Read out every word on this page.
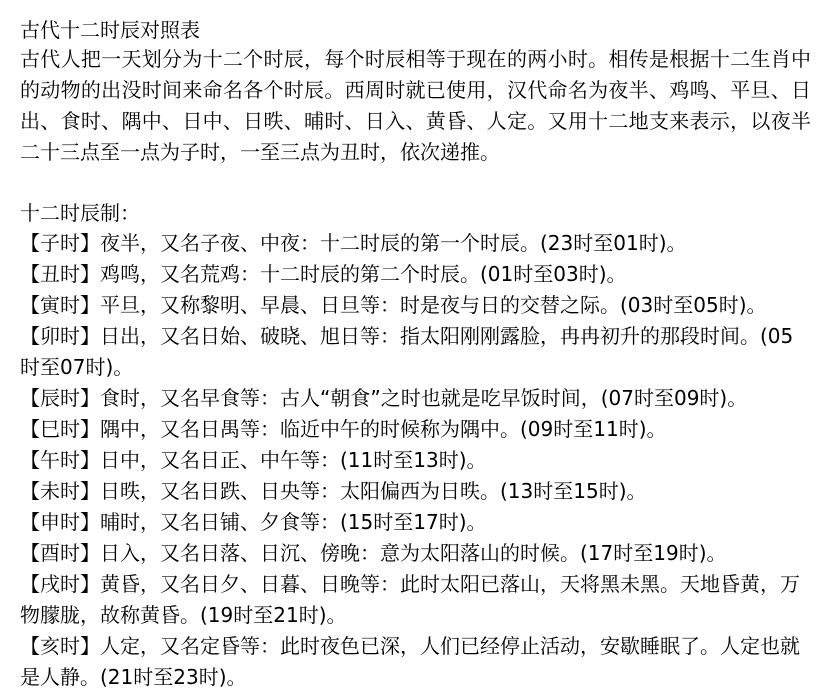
古代十二时辰对照表

古代人把一天划分为十二个时辰，每个时辰相等于现在的两小时。相传是根据十二生肖中的动物的出没时间来命名各个时辰。西周时就已使用，汉代命名为夜半、鸡鸣、平旦、日出、食时、隅中、日中、日昳、晡时、日入、黄昏、人定。又用十二地支来表示，以夜半二十三点至一点为子时，一至三点为丑时，依次递推。

十二时辰制：

【子时】夜半，又名子夜、中夜：十二时辰的第一个时辰。(23时至01时)。
【丑时】鸡鸣，又名荒鸡：十二时辰的第二个时辰。(01时至03时)。
【寅时】平旦，又称黎明、早晨、日旦等：时是夜与日的交替之际。(03时至05时)。
【卯时】日出，又名日始、破晓、旭日等：指太阳刚刚露脸，冉冉初升的那段时间。(05时至07时)。
【辰时】食时，又名早食等：古人“朝食”之时也就是吃早饭时间，(07时至09时)。
【巳时】隅中，又名日禺等：临近中午的时候称为隅中。(09时至11时)。
【午时】日中，又名日正、中午等：(11时至13时)。
【未时】日昳，又名日跌、日央等：太阳偏西为日昳。(13时至15时)。
【申时】晡时，又名日铺、夕食等：(15时至17时)。
【酉时】日入，又名日落、日沉、傍晚：意为太阳落山的时候。(17时至19时)。
【戌时】黄昏，又名日夕、日暮、日晚等：此时太阳已落山，天将黑未黑。天地昏黄，万物朦胧，故称黄昏。(19时至21时)。
【亥时】人定，又名定昏等：此时夜色已深，人们已经停止活动，安歇睡眠了。人定也就是人静。(21时至23时)。
